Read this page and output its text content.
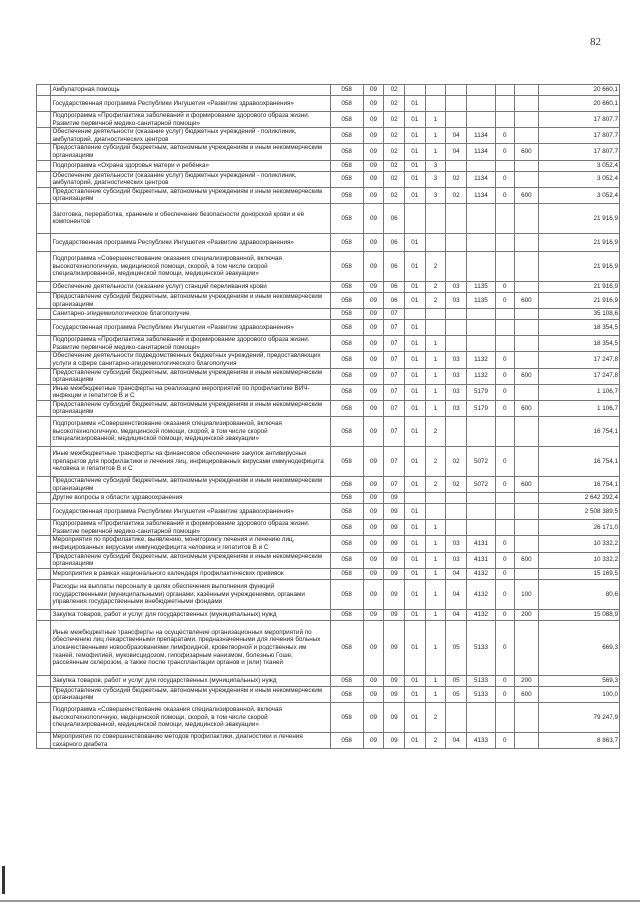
82
	Амбулаторная помощь	058	09	02							20 660,1
	Государственная программа Республики Ингушетия «Развитие здравоохранения»	058	09	02	01						20 660,1
	Подпрограмма «Профилактика заболеваний и формирование здорового образа жизни. Развитие первичной медико-санитарной помощи»	058	09	02	01	1					17 807,7
	Обеспечение деятельности (оказание услуг) бюджетных учреждений - поликлиник, амбулаторий, диагностических центров	058	09	02	01	1	04	1134	0		17 807,7
	Предоставление субсидий бюджетным, автономным учреждениям и иным некоммерческим организациям	058	09	02	01	1	04	1134	0	600	17 807,7
	Подпрограмма «Охрана здоровья матери и ребёнка»	058	09	02	01	3					3 052,4
	Обеспечение деятельности (оказание услуг) бюджетных учреждений - поликлиник, амбулаторий, диагностических центров	058	09	02	01	3	02	1134	0		3 052,4
	Предоставление субсидий бюджетным, автономным учреждениям и иным некоммерческим организациям	058	09	02	01	3	02	1134	0	600	3 052,4
	Заготовка, переработка, хранение и обеспечение безопасности донорской крови и её компонентов	058	09	06							21 916,9
	Государственная программа Республики Ингушетия «Развитие здравоохранения»	058	09	06	01						21 916,9
	Подпрограмма «Совершенствование оказания специализированной, включая высокотехнологичную, медицинской помощи, скорой, в том числе скорой специализированной, медицинской помощи, медицинской эвакуации»	058	09	06	01	2					21 916,9
	Обеспечение деятельности (оказание услуг) станций переливания крови	058	09	06	01	2	03	1135	0		21 916,9
	Предоставление субсидий бюджетным, автономным учреждениям и иным некоммерческим организациям	058	09	06	01	2	03	1135	0	600	21 916,9
	Санитарно-эпидемиологическое благополучие	058	09	07							35 108,6
	Государственная программа Республики Ингушетия «Развитие здравоохранения»	058	09	07	01						18 354,5
	Подпрограмма «Профилактика заболеваний и формирование здорового образа жизни. Развитие первичной медико-санитарной помощи»	058	09	07	01	1					18 354,5
	Обеспечение деятельности подведомственных бюджетных учреждений, предоставляющих услуги в сфере санитарно-эпидемиологического благополучия	058	09	07	01	1	03	1132	0		17 247,8
	Предоставление субсидий бюджетным, автономным учреждениям и иным некоммерческим организациям	058	09	07	01	1	03	1132	0	600	17 247,8
	Иные межбюджетные трансферты на реализацию мероприятий по профилактике ВИЧ-инфекции и гепатитов В и С	058	09	07	01	1	03	5179	0		1 106,7
	Предоставление субсидий бюджетным, автономным учреждениям и иным некоммерческим организациям	058	09	07	01	1	03	5179	0	600	1 106,7
	Подпрограмма «Совершенствование оказания специализированной, включая высокотехнологичную, медицинской помощи, скорой, в том числе скорой специализированной, медицинской помощи, медицинской эвакуации»	058	09	07	01	2					16 754,1
	Иные межбюджетные трансферты на финансовое обеспечение закупок антивирусных препаратов для профилактики и лечения лиц, инфицированных вирусами иммунодефицита человека и гепатитов В и С	058	09	07	01	2	02	5072	0		16 754,1
	Предоставление субсидий бюджетным, автономным учреждениям и иным некоммерческим организациям	058	09	07	01	2	02	5072	0	600	16 754,1
	Другие вопросы в области здравоохранения	058	09	09							2 642 292,4
	Государственная программа Республики Ингушетия «Развитие здравоохранения»	058	09	09	01						2 508 389,5
	Подпрограмма «Профилактика заболеваний и формирование здорового образа жизни. Развитие первичной медико-санитарной помощи»	058	09	09	01	1					26 171,0
	Мероприятия по профилактике, выявлению, мониторингу лечения и лечению лиц, инфицированных вирусами иммунодефицита человека и гепатитов В и С	058	09	09	01	1	03	4131	0		10 332,2
	Предоставление субсидий бюджетным, автономным учреждениям и иным некоммерческим организациям	058	09	09	01	1	03	4131	0	600	10 332,2
	Мероприятия в рамках национального календаря профилактических прививок	058	09	09	01	1	04	4132	0		15 169,5
	Расходы на выплаты персоналу в целях обеспечения выполнения функций государственными (муниципальными) органами, казёнными учреждениями, органами управления государственными внебюджетными фондами	058	09	09	01	1	04	4132	0	100	80,6
	Закупка товаров, работ и услуг для государственных (муниципальных) нужд	058	09	09	01	1	04	4132	0	200	15 088,9
	Иные межбюджетные трансферты на осуществление организационных мероприятий по обеспечению лиц лекарственными препаратами, предназначенными для лечения больных злокачественными новообразованиями лимфоидной, кроветворной и родственных им тканей, гемофилией, муковисцидозом, гипофизарным нанизмом, болезнью Гоше, рассеянным склерозом, а также после трансплантации органов и (или) тканей	058	09	09	01	1	05	5133	0		669,3
	Закупка товаров, работ и услуг для государственных (муниципальных) нужд	058	09	09	01	1	05	5133	0	200	569,3
	Предоставление субсидий бюджетным, автономным учреждениям и иным некоммерческим организациям	058	09	09	01	1	05	5133	0	600	100,0
	Подпрограмма «Совершенствование оказания специализированной, включая высокотехнологичную, медицинской помощи, скорой, в том числе скорой специализированной, медицинской помощи, медицинской эвакуации»	058	09	09	01	2					79 247,9
	Мероприятия по совершенствованию методов профилактики, диагностики и лечения сахарного диабета	058	09	09	01	2	04	4133	0		8 863,7
